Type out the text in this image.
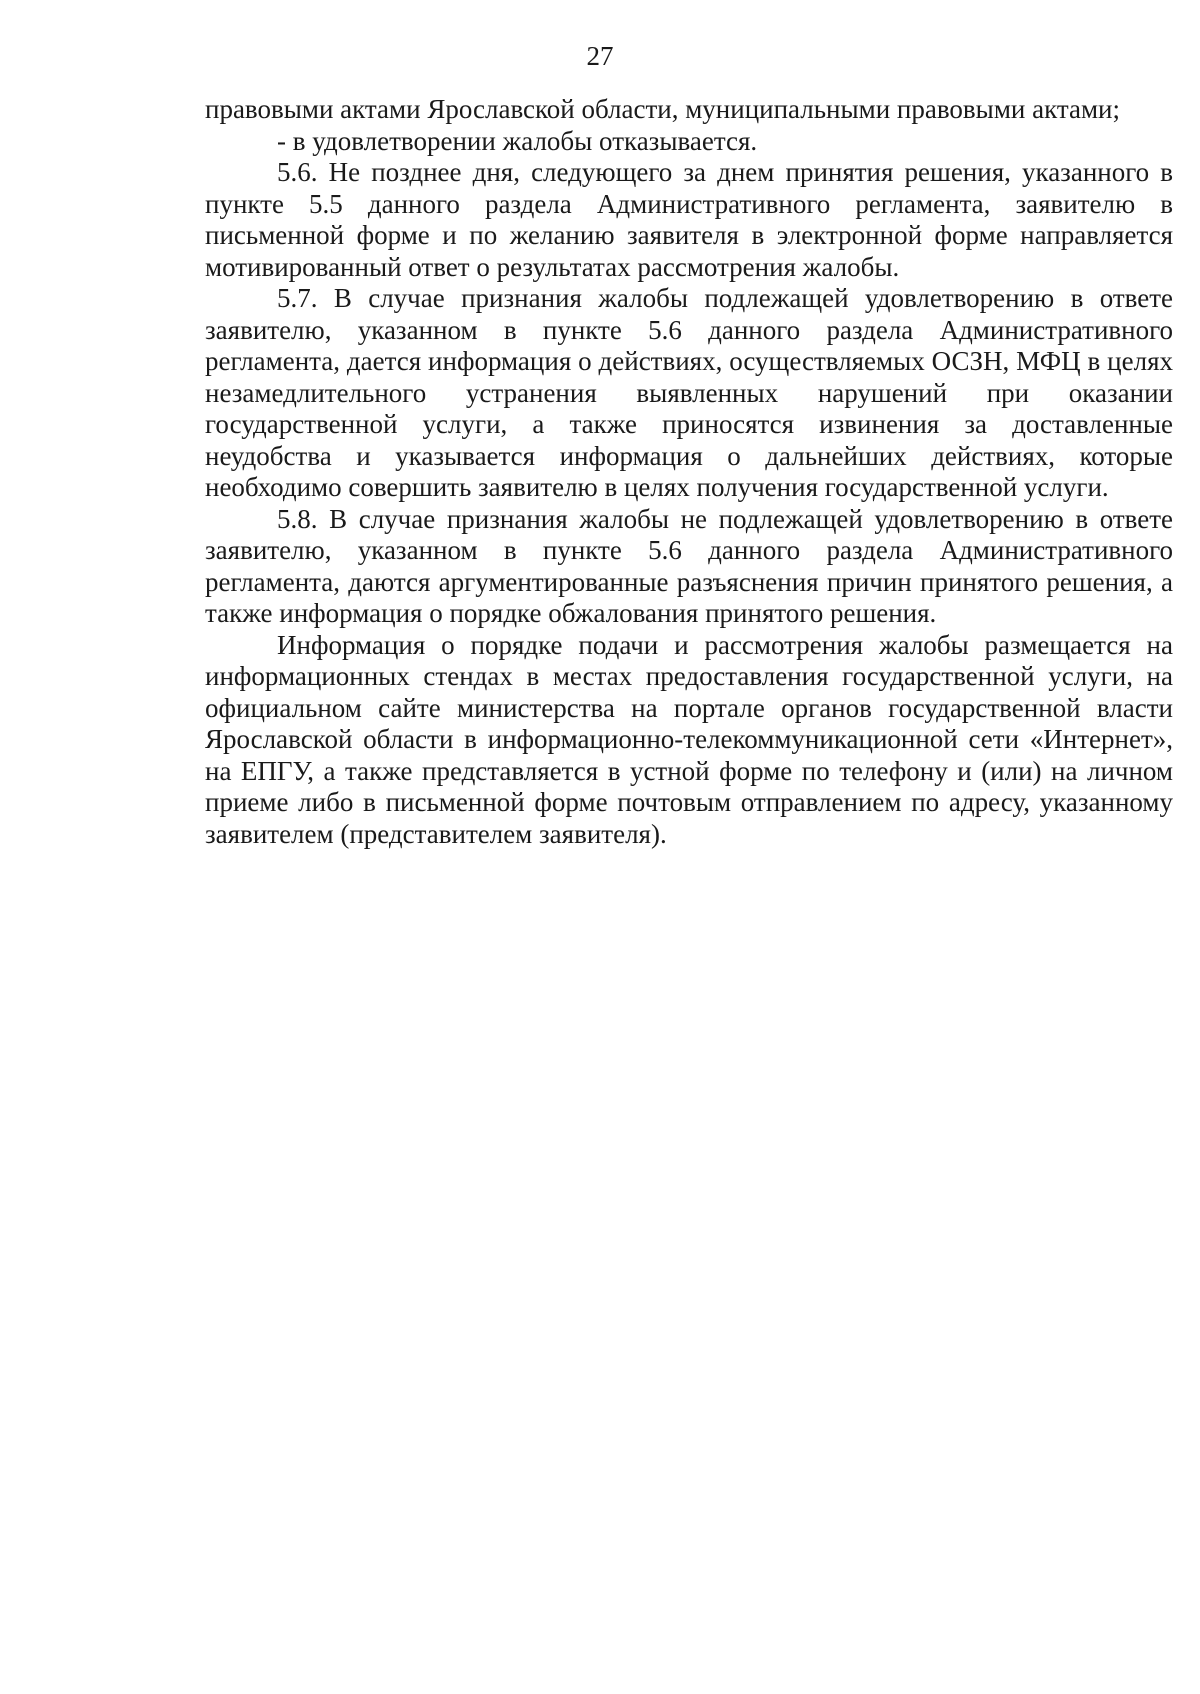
27

правовыми актами Ярославской области, муниципальными правовыми актами;

- в удовлетворении жалобы отказывается.

5.6. Не позднее дня, следующего за днем принятия решения, указанного в пункте 5.5 данного раздела Административного регламента, заявителю в письменной форме и по желанию заявителя в электронной форме направляется мотивированный ответ о результатах рассмотрения жалобы.

5.7. В случае признания жалобы подлежащей удовлетворению в ответе заявителю, указанном в пункте 5.6 данного раздела Административного регламента, дается информация о действиях, осуществляемых ОСЗН, МФЦ в целях незамедлительного устранения выявленных нарушений при оказании государственной услуги, а также приносятся извинения за доставленные неудобства и указывается информация о дальнейших действиях, которые необходимо совершить заявителю в целях получения государственной услуги.

5.8. В случае признания жалобы не подлежащей удовлетворению в ответе заявителю, указанном в пункте 5.6 данного раздела Административного регламента, даются аргументированные разъяснения причин принятого решения, а также информация о порядке обжалования принятого решения.

Информация о порядке подачи и рассмотрения жалобы размещается на информационных стендах в местах предоставления государственной услуги, на официальном сайте министерства на портале органов государственной власти Ярославской области в информационно-телекоммуникационной сети «Интернет», на ЕПГУ, а также представляется в устной форме по телефону и (или) на личном приеме либо в письменной форме почтовым отправлением по адресу, указанному заявителем (представителем заявителя).
